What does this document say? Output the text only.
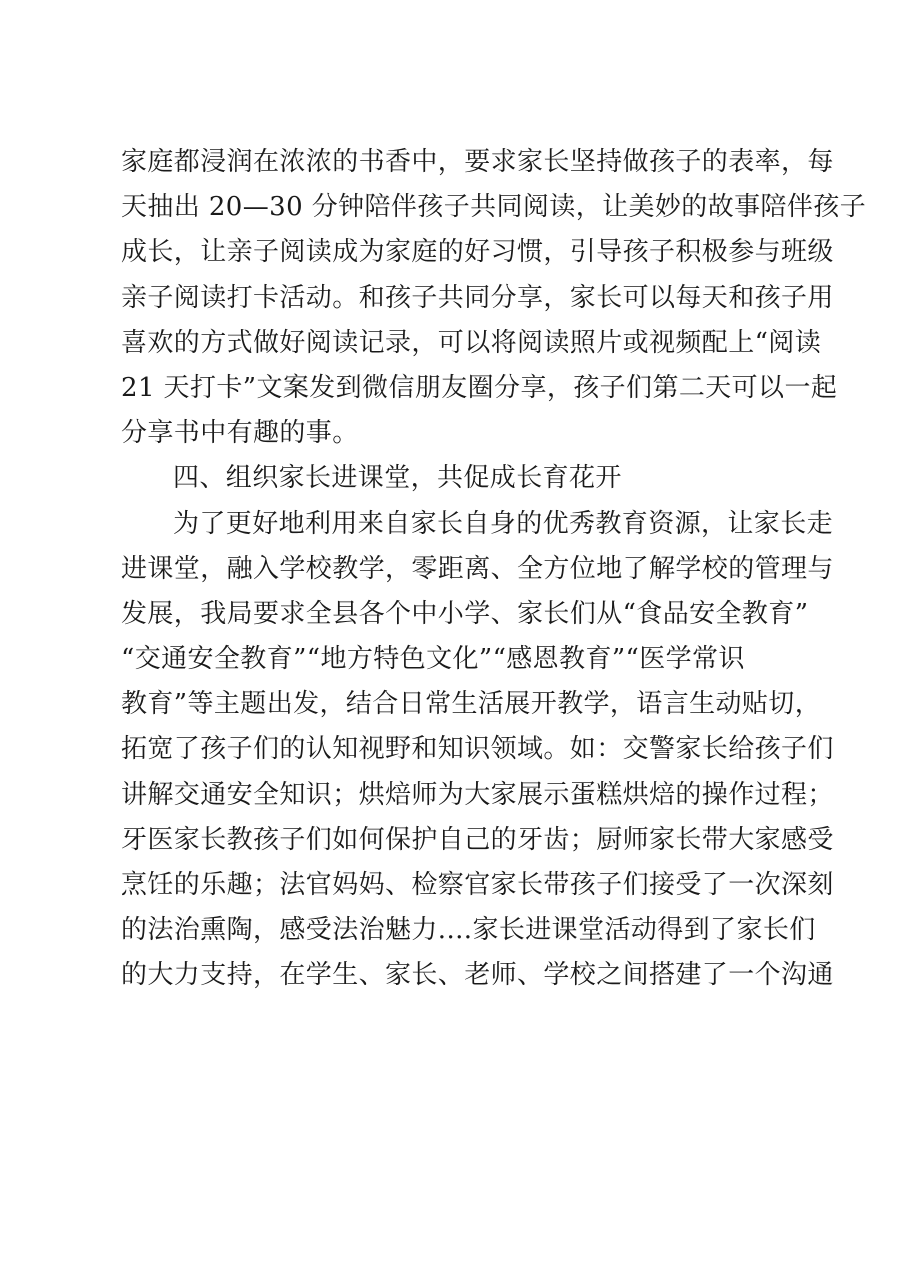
家庭都浸润在浓浓的书香中，要求家长坚持做孩子的表率，每
天抽出 20—30 分钟陪伴孩子共同阅读，让美妙的故事陪伴孩子
成长，让亲子阅读成为家庭的好习惯，引导孩子积极参与班级
亲子阅读打卡活动。和孩子共同分享，家长可以每天和孩子用
喜欢的方式做好阅读记录，可以将阅读照片或视频配上“阅读
21 天打卡”文案发到微信朋友圈分享，孩子们第二天可以一起
分享书中有趣的事。
四、组织家长进课堂，共促成长育花开
为了更好地利用来自家长自身的优秀教育资源，让家长走
进课堂，融入学校教学，零距离、全方位地了解学校的管理与
发展，我局要求全县各个中小学、家长们从“食品安全教育”
“交通安全教育”“地方特色文化”“感恩教育”“医学常识
教育”等主题出发，结合日常生活展开教学，语言生动贴切，
拓宽了孩子们的认知视野和知识领域。如：交警家长给孩子们
讲解交通安全知识；烘焙师为大家展示蛋糕烘焙的操作过程；
牙医家长教孩子们如何保护自己的牙齿；厨师家长带大家感受
烹饪的乐趣；法官妈妈、检察官家长带孩子们接受了一次深刻
的法治熏陶，感受法治魅力....家长进课堂活动得到了家长们
的大力支持，在学生、家长、老师、学校之间搭建了一个沟通
